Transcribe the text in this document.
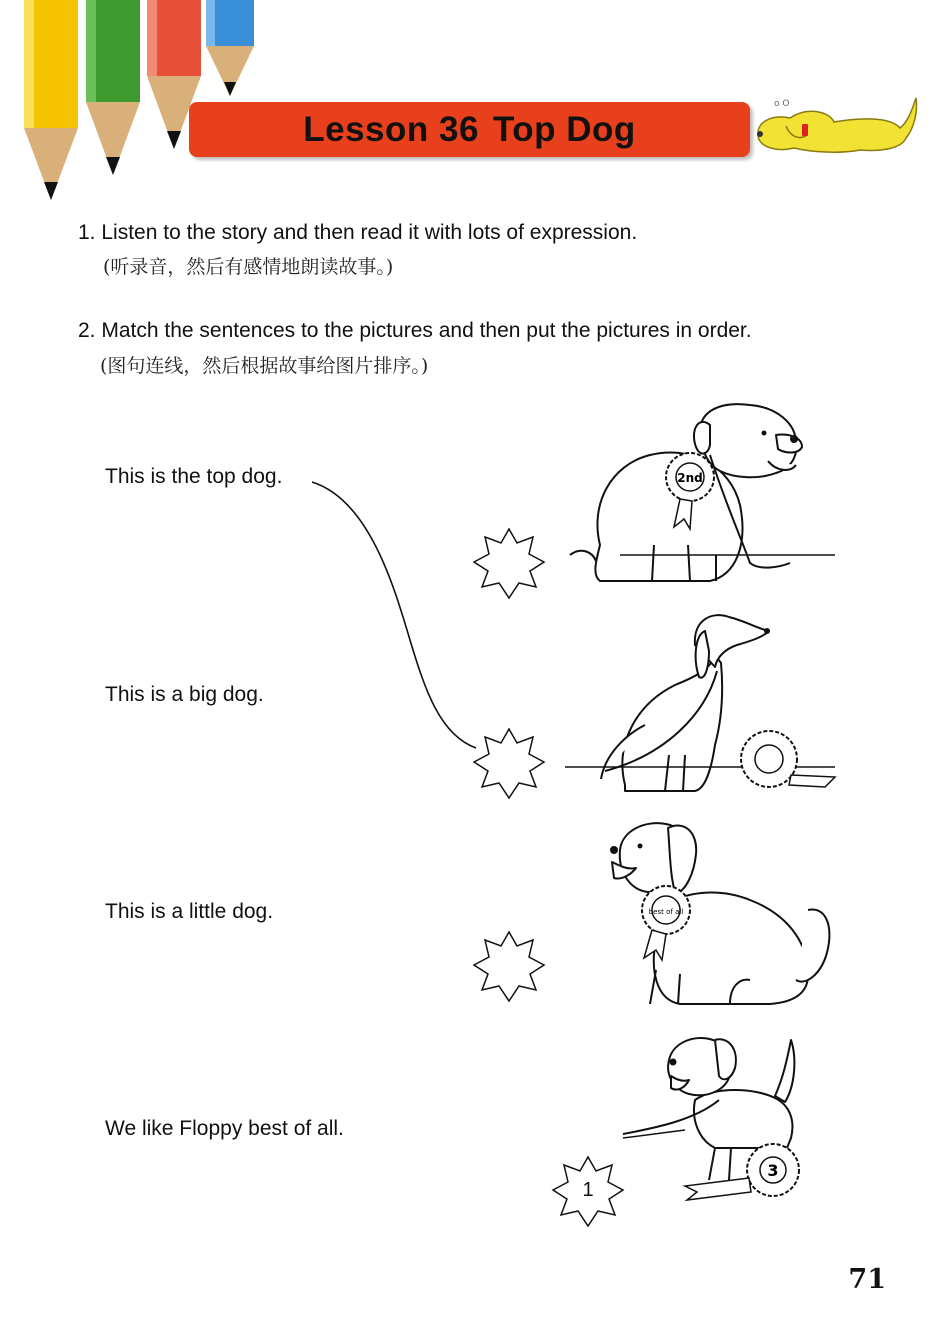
Lesson 36 Top Dog
o O
1. Listen to the story and then read it with lots of expression.
(听录音，然后有感情地朗读故事。)
2. Match the sentences to the pictures and then put the pictures in order.
(图句连线，然后根据故事给图片排序。)
This is the top dog.
This is a big dog.
This is a little dog.
We like Floppy best of all.
1
2nd
best of all
3
71
